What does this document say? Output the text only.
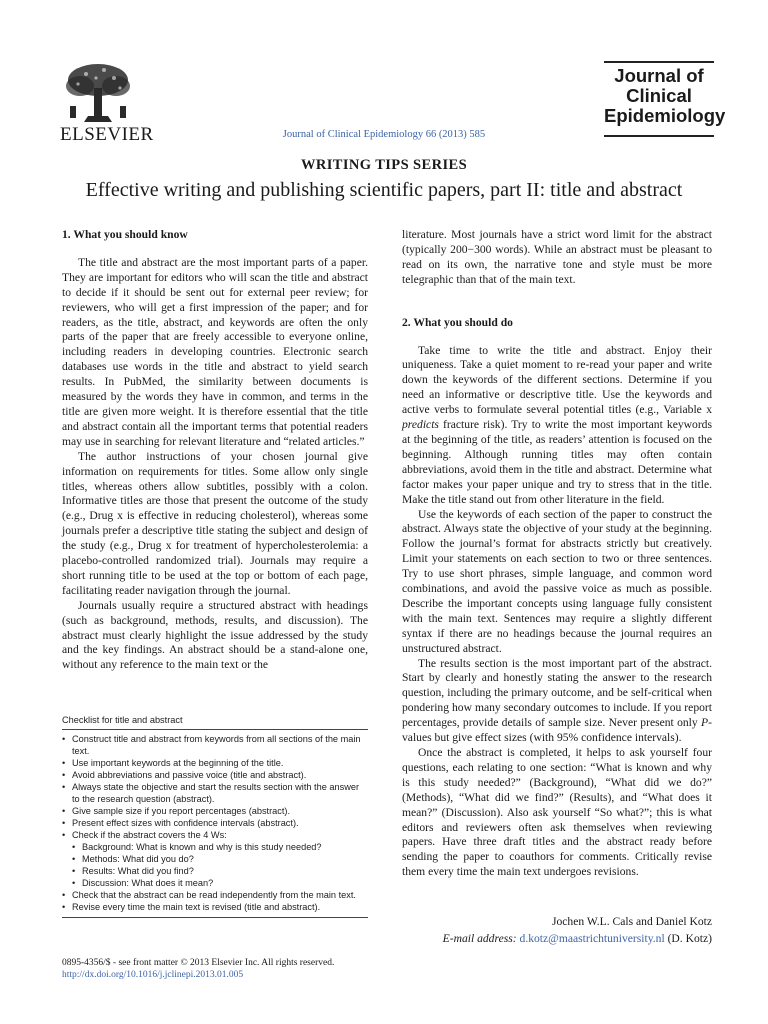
ELSEVIER	Journal of Clinical Epidemiology 66 (2013) 585
Journal of
Clinical
Epidemiology
WRITING TIPS SERIES
Effective writing and publishing scientific papers, part II: title and abstract
1. What you should know

The title and abstract are the most important parts of a paper. They are important for editors who will scan the title and abstract to decide if it should be sent out for external peer review; for reviewers, who will get a first impression of the paper; and for readers, as the title, abstract, and keywords are often the only parts of the paper that are freely accessible to everyone online, including readers in developing countries. Electronic search databases use words in the title and abstract to yield search results. In PubMed, the similarity between documents is measured by the words they have in common, and terms in the title are given more weight. It is therefore essential that the title and abstract contain all the important terms that potential readers may use in searching for relevant literature and “related articles.”

The author instructions of your chosen journal give information on requirements for titles. Some allow only single titles, whereas others allow subtitles, possibly with a colon. Informative titles are those that present the outcome of the study (e.g., Drug x is effective in reducing cholesterol), whereas some journals prefer a descriptive title stating the subject and design of the study (e.g., Drug x for treatment of hypercholesterolemia: a placebo-controlled randomized trial). Journals may require a short running title to be used at the top or bottom of each page, facilitating reader navigation through the journal.

Journals usually require a structured abstract with headings (such as background, methods, results, and discussion). The abstract must clearly highlight the issue addressed by the study and the key findings. An abstract should be a stand-alone one, without any reference to the main text or the

Checklist for title and abstract
• Construct title and abstract from keywords from all sections of the main text.
• Use important keywords at the beginning of the title.
• Avoid abbreviations and passive voice (title and abstract).
• Always state the objective and start the results section with the answer to the research question (abstract).
• Give sample size if you report percentages (abstract).
• Present effect sizes with confidence intervals (abstract).
• Check if the abstract covers the 4 Ws:
• Background: What is known and why is this study needed?
• Methods: What did you do?
• Results: What did you find?
• Discussion: What does it mean?
• Check that the abstract can be read independently from the main text.
• Revise every time the main text is revised (title and abstract).
0895-4356/$ - see front matter © 2013 Elsevier Inc. All rights reserved.
http://dx.doi.org/10.1016/j.jclinepi.2013.01.005

literature. Most journals have a strict word limit for the abstract (typically 200−300 words). While an abstract must be pleasant to read on its own, the narrative tone and style must be more telegraphic than that of the main text.

2. What you should do

Take time to write the title and abstract. Enjoy their uniqueness. Take a quiet moment to re-read your paper and write down the keywords of the different sections. Determine if you need an informative or descriptive title. Use the keywords and active verbs to formulate several potential titles (e.g., Variable x predicts fracture risk). Try to write the most important keywords at the beginning of the title, as readers’ attention is focused on the beginning. Although running titles may often contain abbreviations, avoid them in the title and abstract. Determine what factor makes your paper unique and try to stress that in the title. Make the title stand out from other literature in the field.

Use the keywords of each section of the paper to construct the abstract. Always state the objective of your study at the beginning. Follow the journal’s format for abstracts strictly but creatively. Limit your statements on each section to two or three sentences. Try to use short phrases, simple language, and common word combinations, and avoid the passive voice as much as possible. Describe the important concepts using language fully consistent with the main text. Sentences may require a slightly different syntax if there are no headings because the journal requires an unstructured abstract.

The results section is the most important part of the abstract. Start by clearly and honestly stating the answer to the research question, including the primary outcome, and be self-critical when pondering how many secondary outcomes to include. If you report percentages, provide details of sample size. Never present only P-values but give effect sizes (with 95% confidence intervals).

Once the abstract is completed, it helps to ask yourself four questions, each relating to one section: “What is known and why is this study needed?” (Background), “What did we do?” (Methods), “What did we find?” (Results), and “What does it mean?” (Discussion). Also ask yourself “So what?”; this is what editors and reviewers often ask themselves when reviewing papers. Have three draft titles and the abstract ready before sending the paper to coauthors for comments. Critically revise them every time the main text undergoes revisions.

Jochen W.L. Cals and Daniel Kotz
E-mail address: d.kotz@maastrichtuniversity.nl (D. Kotz)
